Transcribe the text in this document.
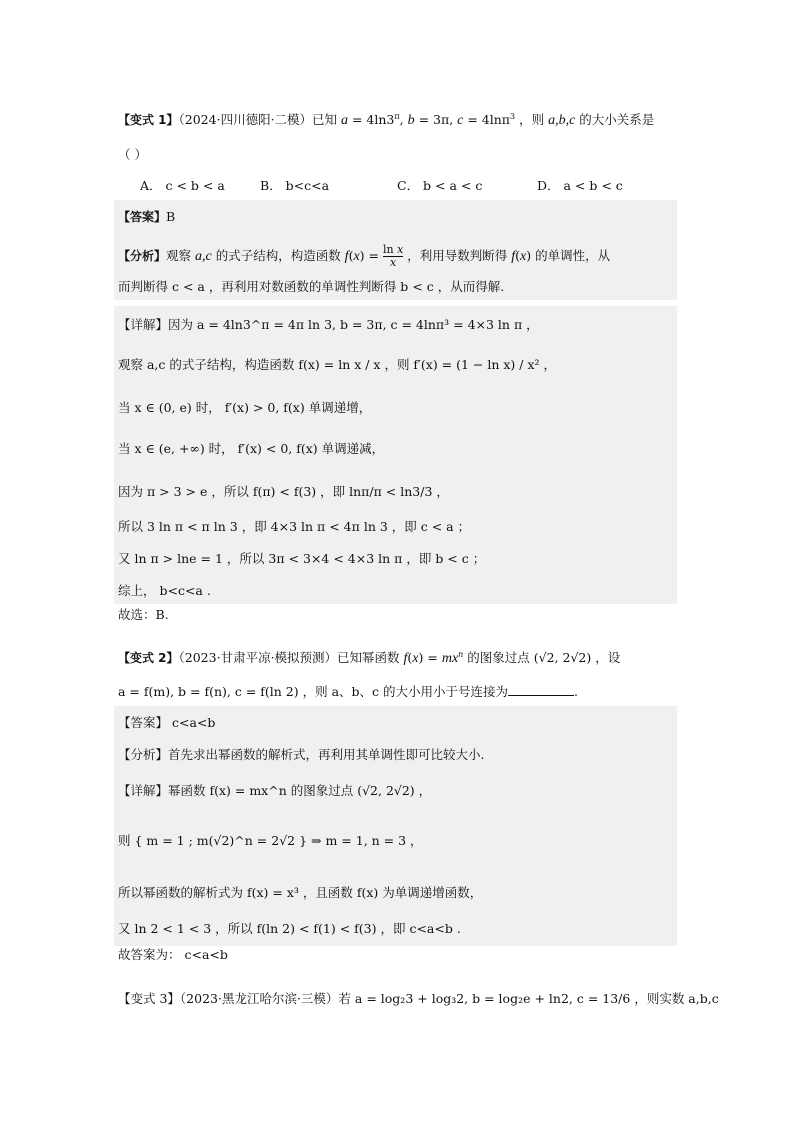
【变式 1】（2024·四川德阳·二模）已知 $a = 4\ln 3^\pi$, b = 3π, c = 4lnπ$^3$ ，则 a,b,c 的大小关系是
（ ）
A． c < b < a	B． b<c<a	C． b < a < c	D． a < b < c
【答案】B
【分析】观察 a,c 的式子结构，构造函数 $f(x) = \frac{\text{ln x}}{x}$ ，利用导数判断得 f(x) 的单调性，从
而判断得 c < a ，再利用对数函数的单调性判断得 b < c ，从而得解.
【详解】因为 a = 4ln3^π = 4π ln 3, b = 3π, c = 4lnπ³ = 4×3 ln π ，
观察 a,c 的式子结构，构造函数 f(x) = ln x / x ，则 f′(x) = (1 − ln x) / x² ，
当 x ∈ (0, e) 时， f′(x) > 0, f(x) 单调递增，
当 x ∈ (e, +∞) 时， f′(x) < 0, f(x) 单调递减，
因为 π > 3 > e ，所以 f(π) < f(3) ，即 lnπ/π < ln3/3 ，
所以 3 ln π < π ln 3 ，即 4×3 ln π < 4π ln 3 ，即 c < a ；
又 ln π > lne = 1 ，所以 3π < 3×4 < 4×3 ln π ，即 b < c ；
综上， b<c<a .
故选：B.
【变式 2】（2023·甘肃平凉·模拟预测）已知幂函数 $f(x) = mx^n$ 的图象过点 (√2, 2√2) ，设
a = f(m), b = f(n), c = f(ln 2) ，则 a、b、c 的大小用小于号连接为	.
【答案】 c<a<b
【分析】首先求出幂函数的解析式，再利用其单调性即可比较大小.
【详解】幂函数 f(x) = mx^n 的图象过点 (√2, 2√2) ，
则 { m = 1 ; m(√2)^n = 2√2 } ⇒ m = 1, n = 3 ，
所以幂函数的解析式为 f(x) = x³ ，且函数 f(x) 为单调递增函数，
又 ln 2 < 1 < 3 ，所以 f(ln 2) < f(1) < f(3) ，即 c<a<b .
故答案为： c<a<b
【变式 3】（2023·黑龙江哈尔滨·三模）若 a = log₂3 + log₃2, b = log₂e + ln2, c = 13/6 ，则实数 a,b,c
